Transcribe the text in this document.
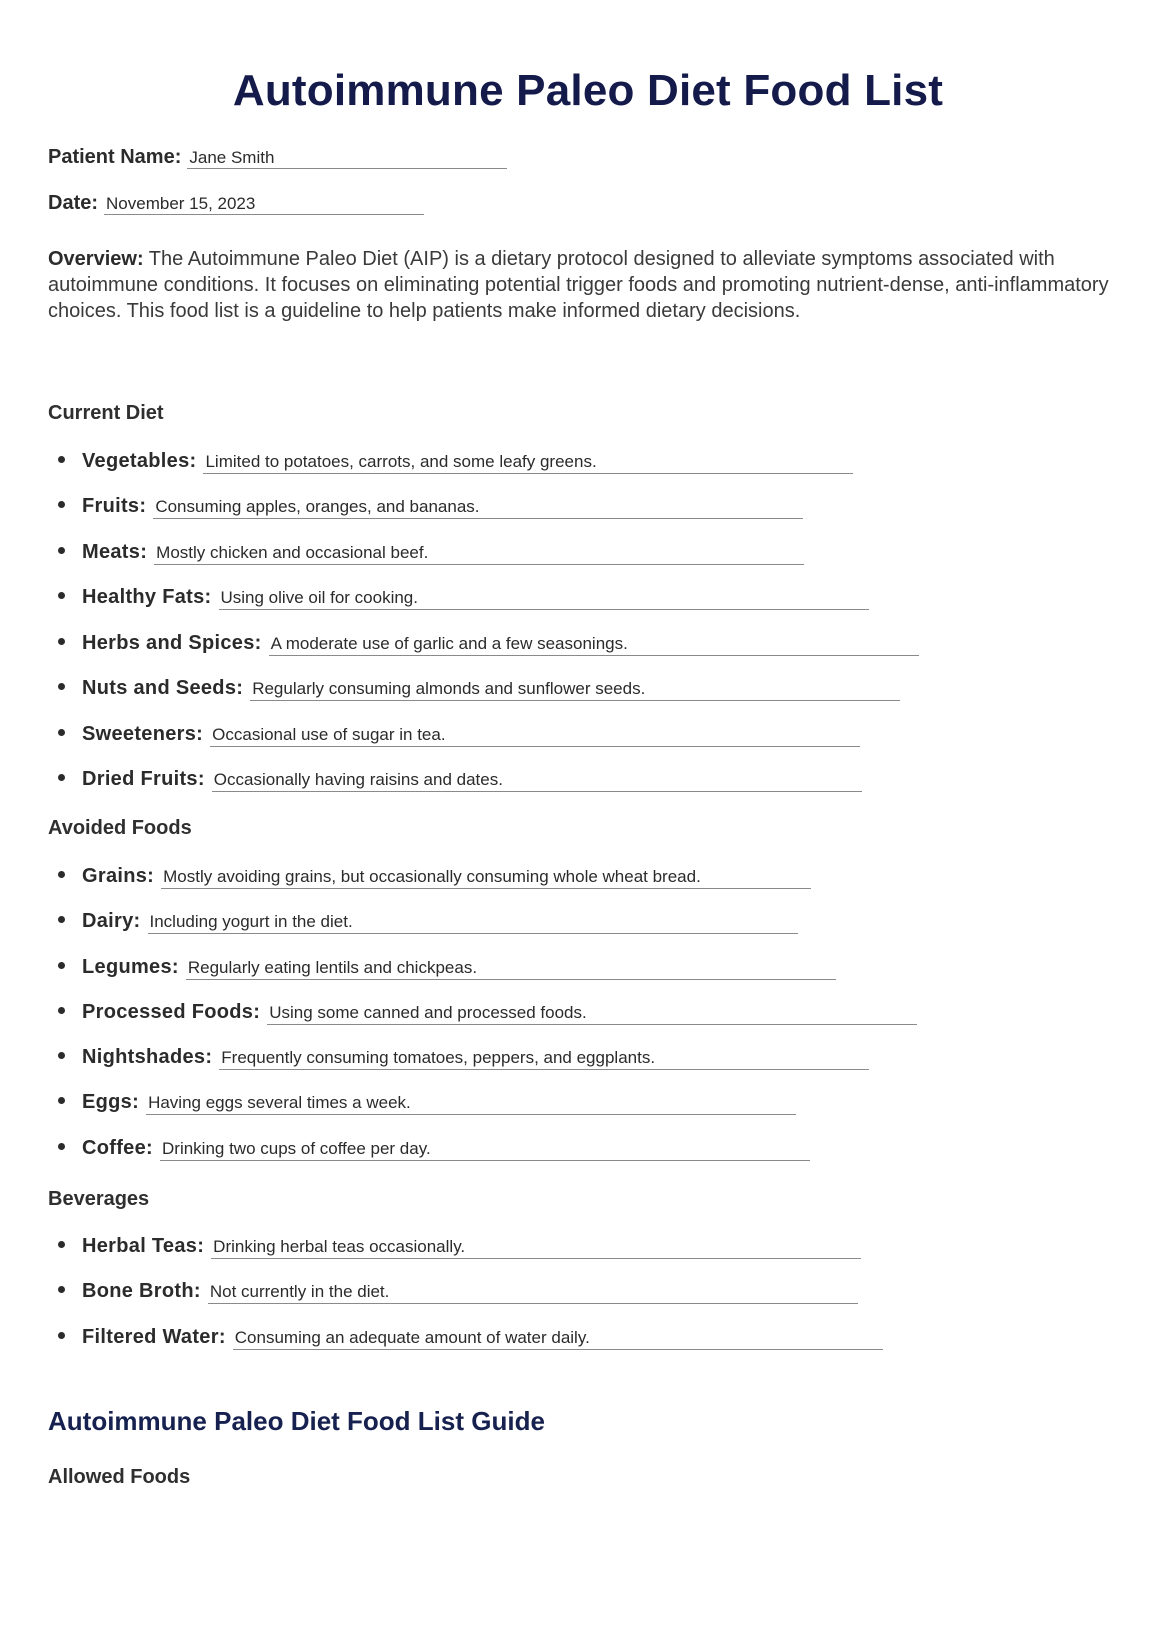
Autoimmune Paleo Diet Food List
Patient Name: Jane Smith
Date: November 15, 2023
Overview: The Autoimmune Paleo Diet (AIP) is a dietary protocol designed to alleviate symptoms associated with autoimmune conditions. It focuses on eliminating potential trigger foods and promoting nutrient-dense, anti-inflammatory choices. This food list is a guideline to help patients make informed dietary decisions.
Current Diet
Vegetables: Limited to potatoes, carrots, and some leafy greens.
Fruits: Consuming apples, oranges, and bananas.
Meats: Mostly chicken and occasional beef.
Healthy Fats: Using olive oil for cooking.
Herbs and Spices: A moderate use of garlic and a few seasonings.
Nuts and Seeds: Regularly consuming almonds and sunflower seeds.
Sweeteners: Occasional use of sugar in tea.
Dried Fruits: Occasionally having raisins and dates.
Avoided Foods
Grains: Mostly avoiding grains, but occasionally consuming whole wheat bread.
Dairy: Including yogurt in the diet.
Legumes: Regularly eating lentils and chickpeas.
Processed Foods: Using some canned and processed foods.
Nightshades: Frequently consuming tomatoes, peppers, and eggplants.
Eggs: Having eggs several times a week.
Coffee: Drinking two cups of coffee per day.
Beverages
Herbal Teas: Drinking herbal teas occasionally.
Bone Broth: Not currently in the diet.
Filtered Water: Consuming an adequate amount of water daily.
Autoimmune Paleo Diet Food List Guide
Allowed Foods
